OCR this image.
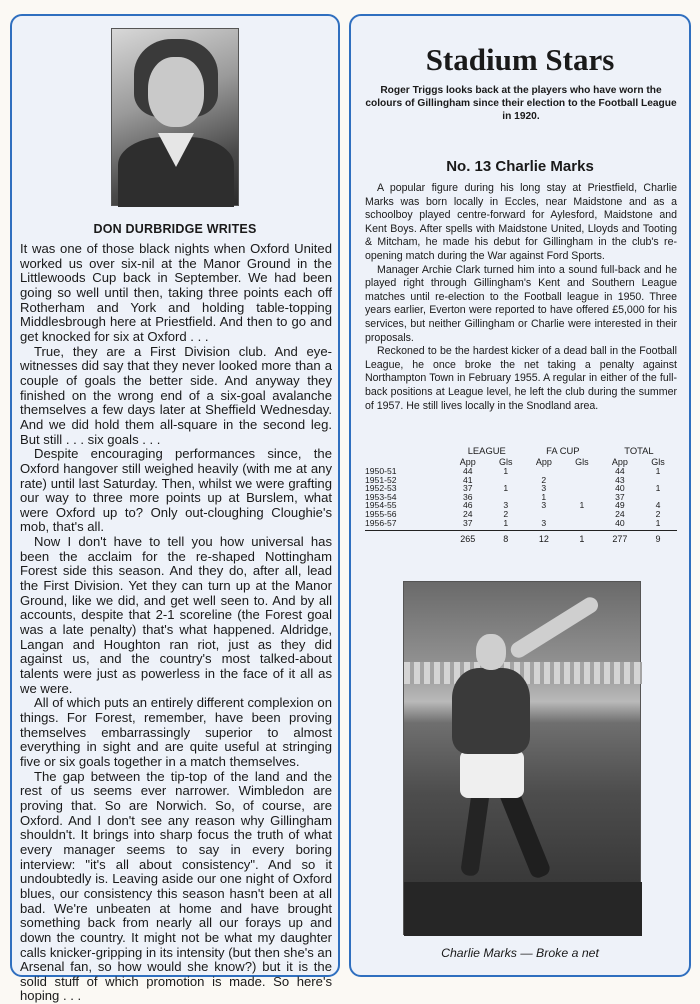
DON DURBRIDGE WRITES

It was one of those black nights when Oxford United worked us over six-nil at the Manor Ground in the Littlewoods Cup back in September. We had been going so well until then, taking three points each off Rotherham and York and holding table-topping Middlesbrough here at Priestfield. And then to go and get knocked for six at Oxford . . .

True, they are a First Division club. And eye-witnesses did say that they never looked more than a couple of goals the better side. And anyway they finished on the wrong end of a six-goal avalanche themselves a few days later at Sheffield Wednesday. And we did hold them all-square in the second leg. But still . . . six goals . . .

Despite encouraging performances since, the Oxford hangover still weighed heavily (with me at any rate) until last Saturday. Then, whilst we were grafting our way to three more points up at Burslem, what were Oxford up to? Only out-cloughing Cloughie's mob, that's all.

Now I don't have to tell you how universal has been the acclaim for the re-shaped Nottingham Forest side this season. And they do, after all, lead the First Division. Yet they can turn up at the Manor Ground, like we did, and get well seen to. And by all accounts, despite that 2-1 scoreline (the Forest goal was a late penalty) that's what happened. Aldridge, Langan and Houghton ran riot, just as they did against us, and the country's most talked-about talents were just as powerless in the face of it all as we were.

All of which puts an entirely different complexion on things. For Forest, remember, have been proving themselves embarrassingly superior to almost everything in sight and are quite useful at stringing five or six goals together in a match themselves.

The gap between the tip-top of the land and the rest of us seems ever narrower. Wimbledon are proving that. So are Norwich. So, of course, are Oxford. And I don't see any reason why Gillingham shouldn't. It brings into sharp focus the truth of what every manager seems to say in every boring interview: "it's all about consistency". And so it undoubtedly is. Leaving aside our one night of Oxford blues, our consistency this season hasn't been at all bad. We're unbeaten at home and have brought something back from nearly all our forays up and down the country. It might not be what my daughter calls knicker-gripping in its intensity (but then she's an Arsenal fan, so how would she know?) but it is the solid stuff of which promotion is made. So here's hoping . . .

Stadium Stars
Roger Triggs looks back at the players who have worn the colours of Gillingham since their election to the Football League in 1920.
No. 13 Charlie Marks

A popular figure during his long stay at Priestfield, Charlie Marks was born locally in Eccles, near Maidstone and as a schoolboy played centre-forward for Aylesford, Maidstone and Kent Boys. After spells with Maidstone United, Lloyds and Tooting & Mitcham, he made his debut for Gillingham in the club's re-opening match during the War against Ford Sports.

Manager Archie Clark turned him into a sound full-back and he played right through Gillingham's Kent and Southern League matches until re-election to the Football league in 1950. Three years earlier, Everton were reported to have offered £5,000 for his services, but neither Gillingham or Charlie were interested in their proposals.

Reckoned to be the hardest kicker of a dead ball in the Football League, he once broke the net taking a penalty against Northampton Town in February 1955. A regular in either of the full-back positions at League level, he left the club during the summer of 1957. He still lives locally in the Snodland area.

	LEAGUE		FA CUP		TOTAL	
	App	Gls	App	Gls	App	Gls
1950-51	44	1			44	1
1951-52	41		2		43	
1952-53	37	1	3		40	1
1953-54	36		1		37	
1954-55	46	3	3	1	49	4
1955-56	24	2			24	2
1956-57	37	1	3		40	1

	265	8	12	1	277	9
Charlie Marks — Broke a net
